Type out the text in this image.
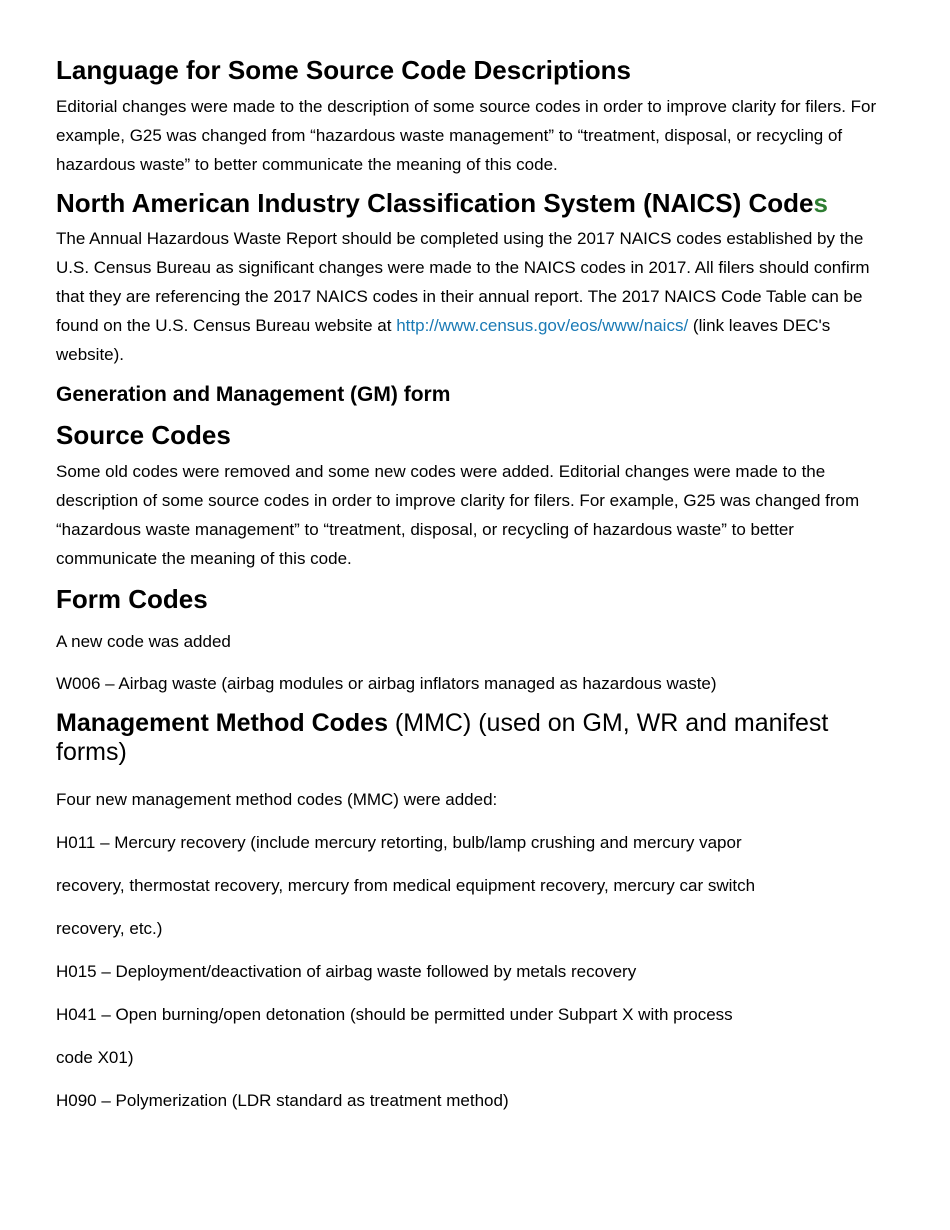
Language for Some Source Code Descriptions

Editorial changes were made to the description of some source codes in order to improve clarity for filers. For example, G25 was changed from “hazardous waste management” to “treatment, disposal, or recycling of hazardous waste” to better communicate the meaning of this code.

North American Industry Classification System (NAICS) Codes

The Annual Hazardous Waste Report should be completed using the 2017 NAICS codes established by the U.S. Census Bureau as significant changes were made to the NAICS codes in 2017. All filers should confirm that they are referencing the 2017 NAICS codes in their annual report. The 2017 NAICS Code Table can be found on the U.S. Census Bureau website at http://www.census.gov/eos/www/naics/ (link leaves DEC's website).

Generation and Management (GM) form
Source Codes

Some old codes were removed and some new codes were added. Editorial changes were made to the description of some source codes in order to improve clarity for filers. For example, G25 was changed from “hazardous waste management” to “treatment, disposal, or recycling of hazardous waste” to better communicate the meaning of this code.

Form Codes

A new code was added

W006 – Airbag waste (airbag modules or airbag inflators managed as hazardous waste)

Management Method Codes (MMC) (used on GM, WR and manifest
forms)

Four new management method codes (MMC) were added:

H011 – Mercury recovery (include mercury retorting, bulb/lamp crushing and mercury vapor

recovery, thermostat recovery, mercury from medical equipment recovery, mercury car switch

recovery, etc.)

H015 – Deployment/deactivation of airbag waste followed by metals recovery

H041 – Open burning/open detonation (should be permitted under Subpart X with process

code X01)

H090 – Polymerization (LDR standard as treatment method)
